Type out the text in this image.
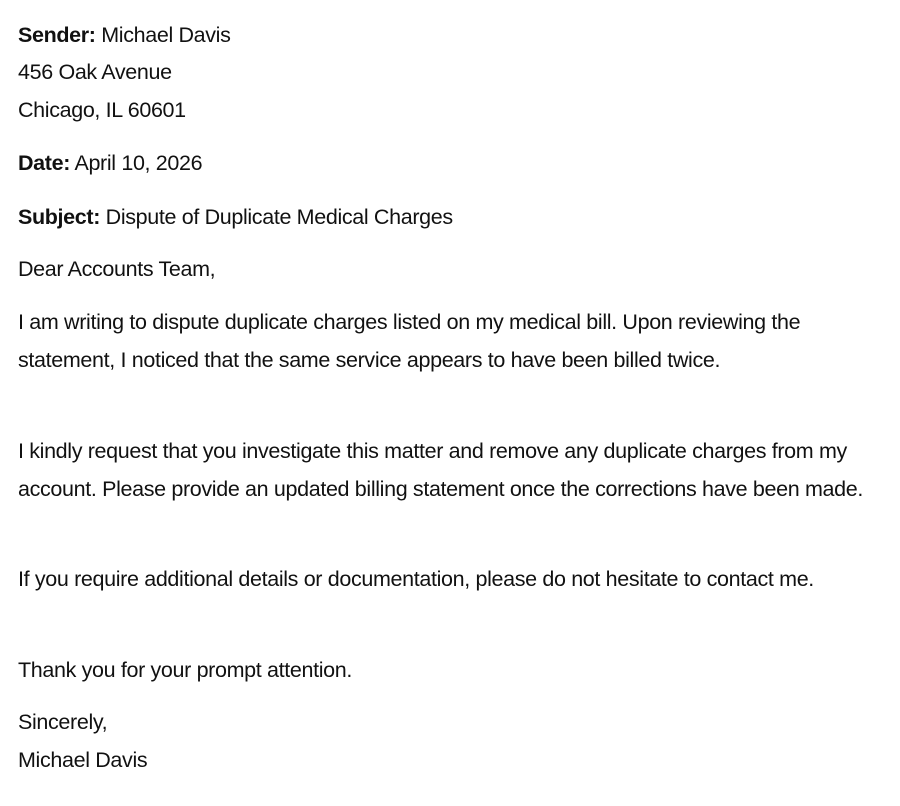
Sender: Michael Davis
456 Oak Avenue
Chicago, IL 60601
Date: April 10, 2026
Subject: Dispute of Duplicate Medical Charges
Dear Accounts Team,
I am writing to dispute duplicate charges listed on my medical bill. Upon reviewing the statement, I noticed that the same service appears to have been billed twice.
I kindly request that you investigate this matter and remove any duplicate charges from my account. Please provide an updated billing statement once the corrections have been made.
If you require additional details or documentation, please do not hesitate to contact me.
Thank you for your prompt attention.
Sincerely,
Michael Davis
